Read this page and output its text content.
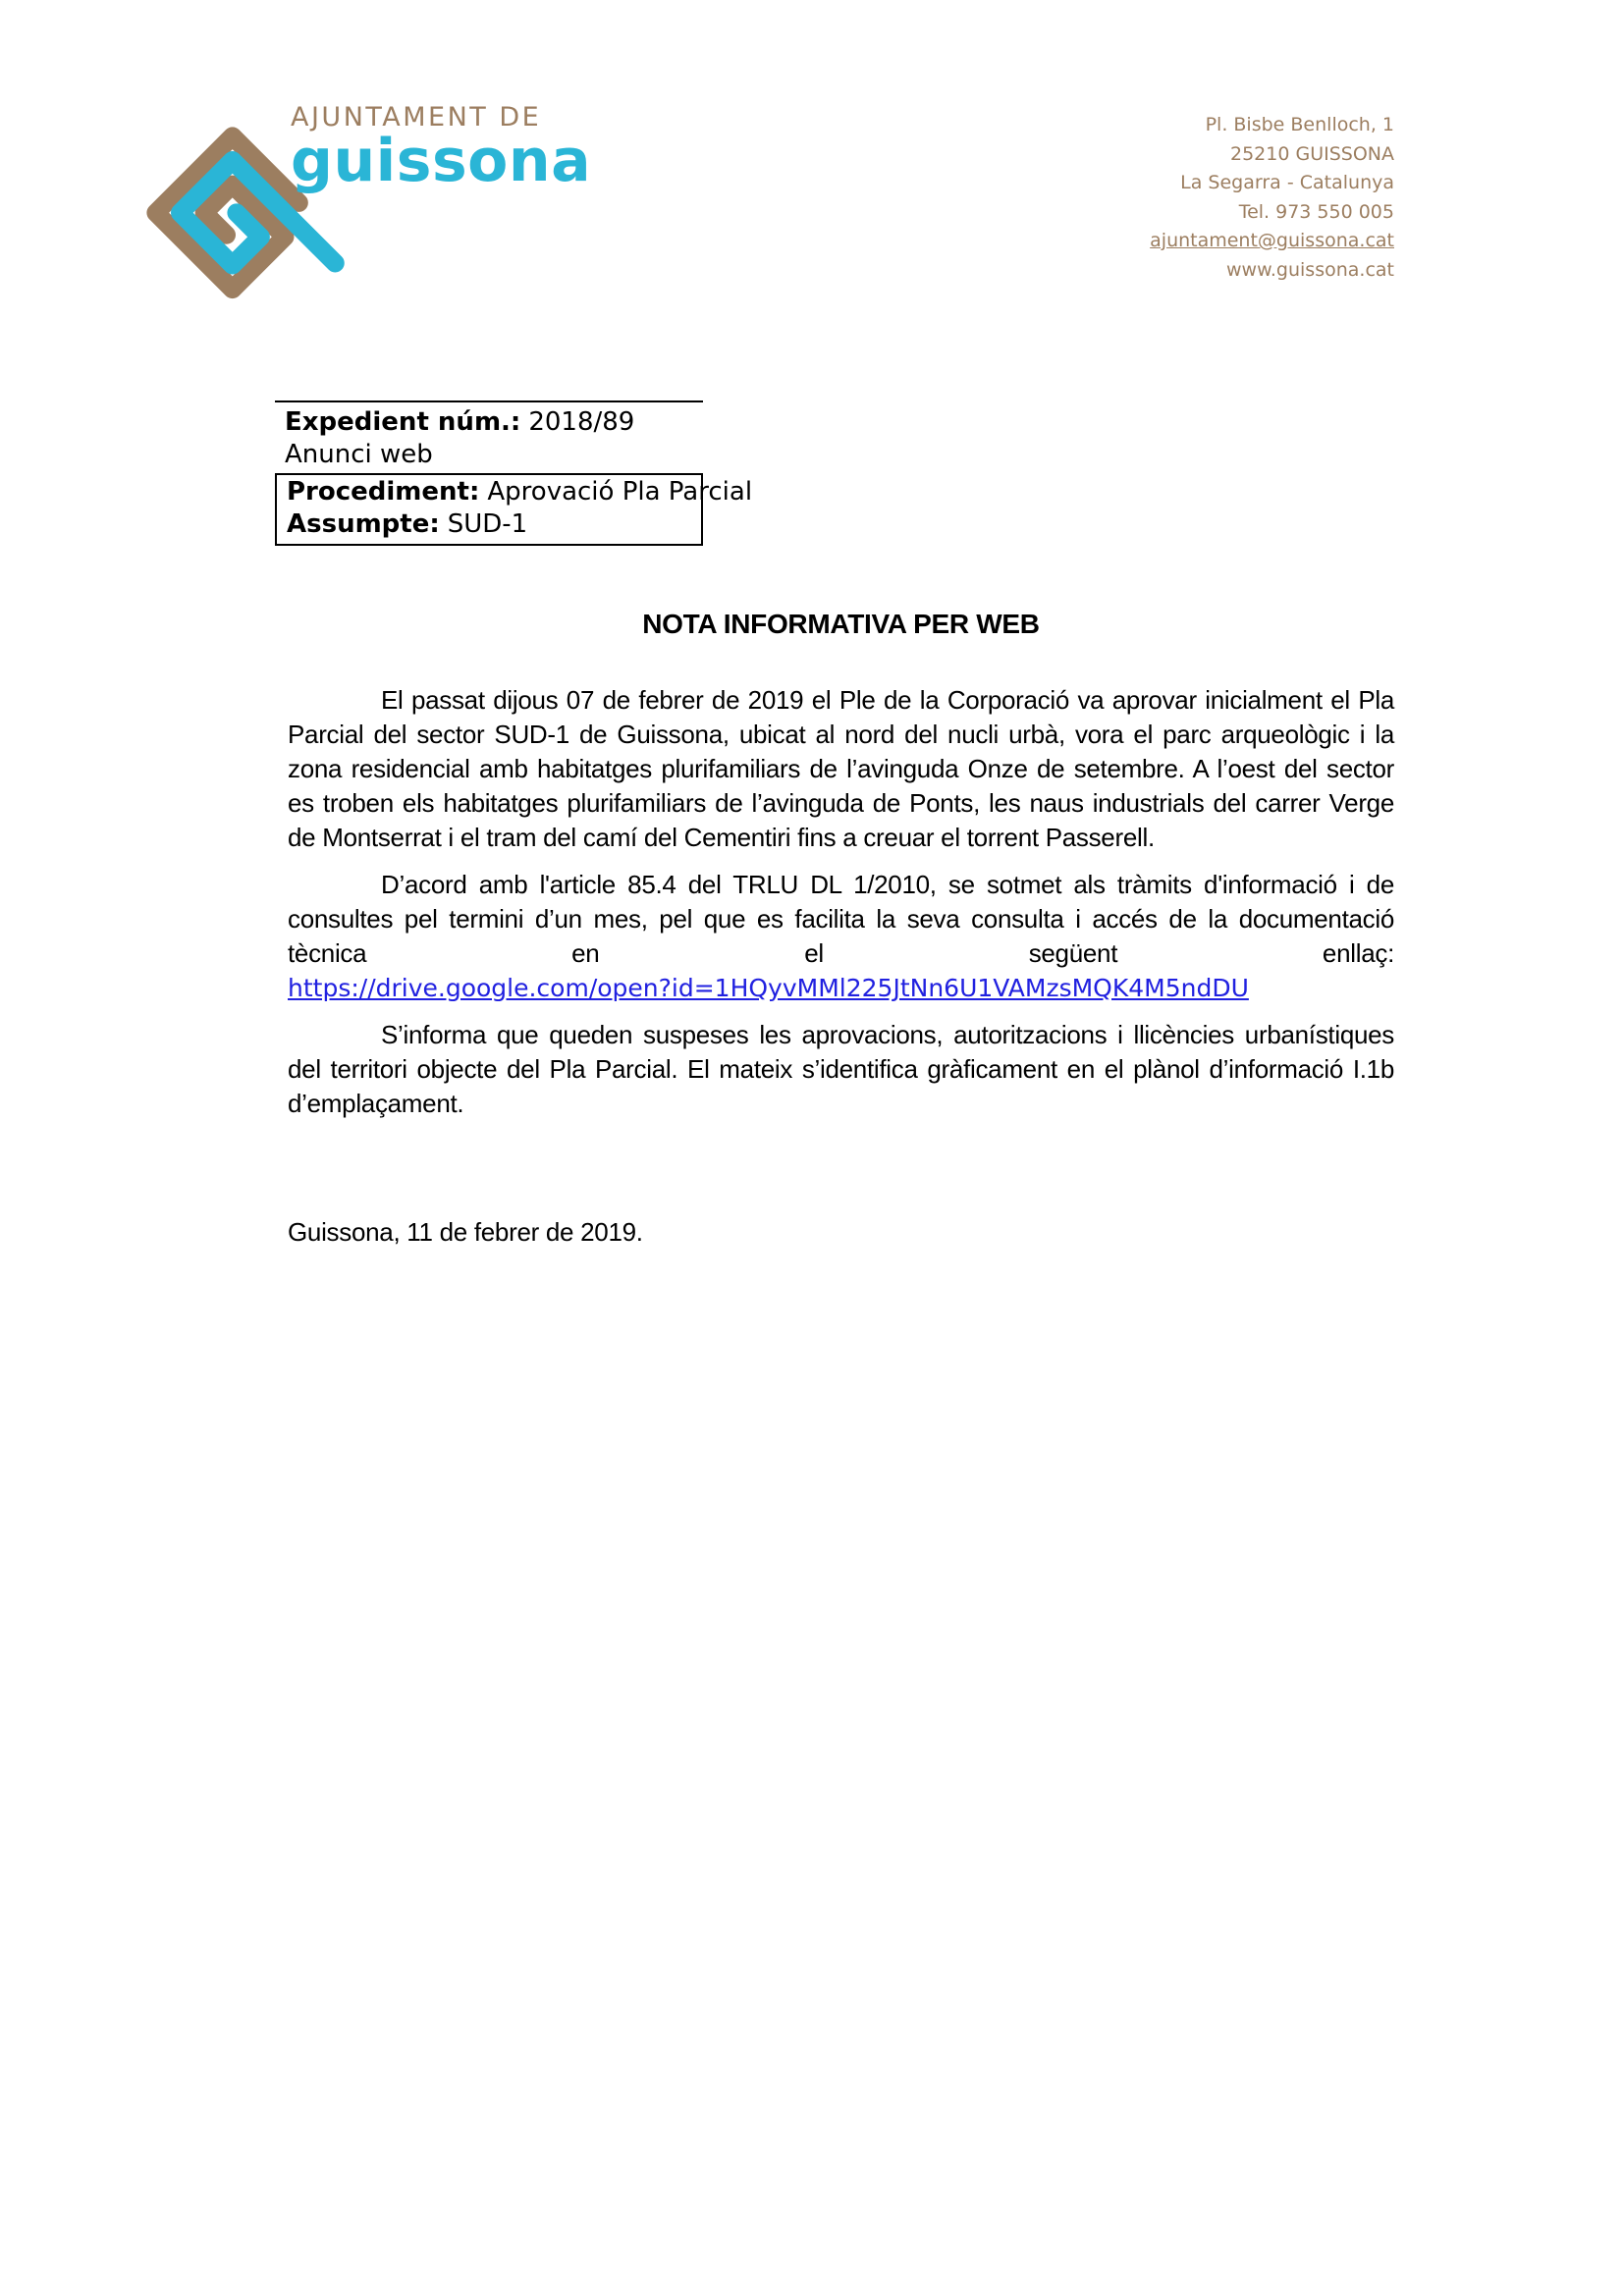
AJUNTAMENT DE
guissona
Pl. Bisbe Benlloch, 1
25210 GUISSONA
La Segarra - Catalunya
Tel. 973 550 005
ajuntament@guissona.cat
www.guissona.cat
Expedient núm.: 2018/89
Anunci web
Procediment: Aprovació Pla Parcial
Assumpte: SUD-1
NOTA INFORMATIVA PER WEB

El passat dijous 07 de febrer de 2019 el Ple de la Corporació va aprovar inicialment el Pla Parcial del sector SUD-1 de Guissona, ubicat al nord del nucli urbà, vora el parc arqueològic i la zona residencial amb habitatges plurifamiliars de l’avinguda Onze de setembre. A l’oest del sector es troben els habitatges plurifamiliars de l’avinguda de Ponts, les naus industrials del carrer Verge de Montserrat i el tram del camí del Cementiri fins a creuar el torrent Passerell.

D’acord amb l'article 85.4 del TRLU DL 1/2010, se sotmet als tràmits d'informació i de consultes pel termini d’un mes, pel que es facilita la seva consulta i accés de la documentació tècnica en el següent enllaç: https://drive.google.com/open?id=1HQyvMMl225JtNn6U1VAMzsMQK4M5ndDU

S’informa que queden suspeses les aprovacions, autoritzacions i llicències urbanístiques del territori objecte del Pla Parcial. El mateix s’identifica gràficament en el plànol d’informació I.1b d’emplaçament.

Guissona, 11 de febrer de 2019.
